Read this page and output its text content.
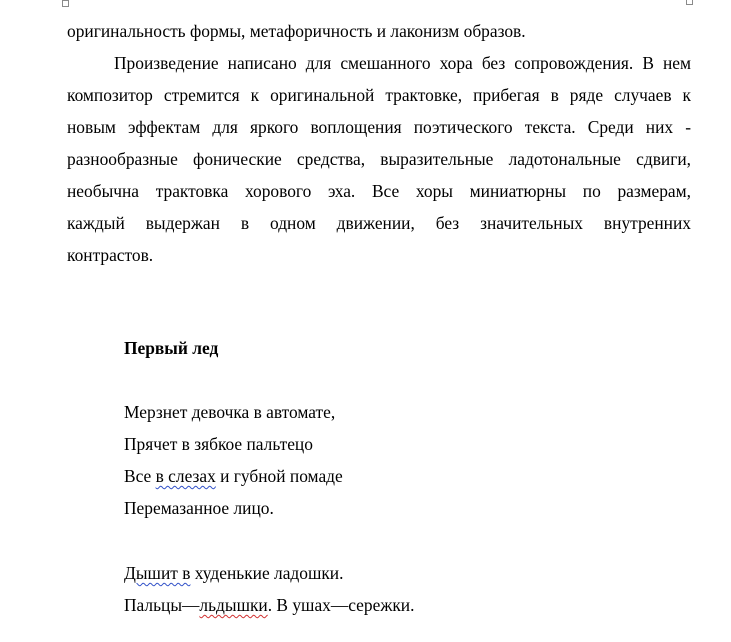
оригинальность формы, метафоричность и лаконизм образов.
Произведение написано для смешанного хора без сопровождения. В нем
композитор стремится к оригинальной трактовке, прибегая в ряде случаев к
новым эффектам для яркого воплощения поэтического текста. Среди них -
разнообразные фонические средства, выразительные ладотональные сдвиги,
необычна трактовка хорового эха. Все хоры миниатюрны по размерам,
каждый выдержан в одном движении, без значительных внутренних
контрастов.
Первый лед
Мерзнет девочка в автомате,
Прячет в зябкое пальтецо
Все в слезах и губной помаде
Перемазанное лицо.
Дышит в худенькие ладошки.
Пальцы—льдышки. В ушах—сережки.
